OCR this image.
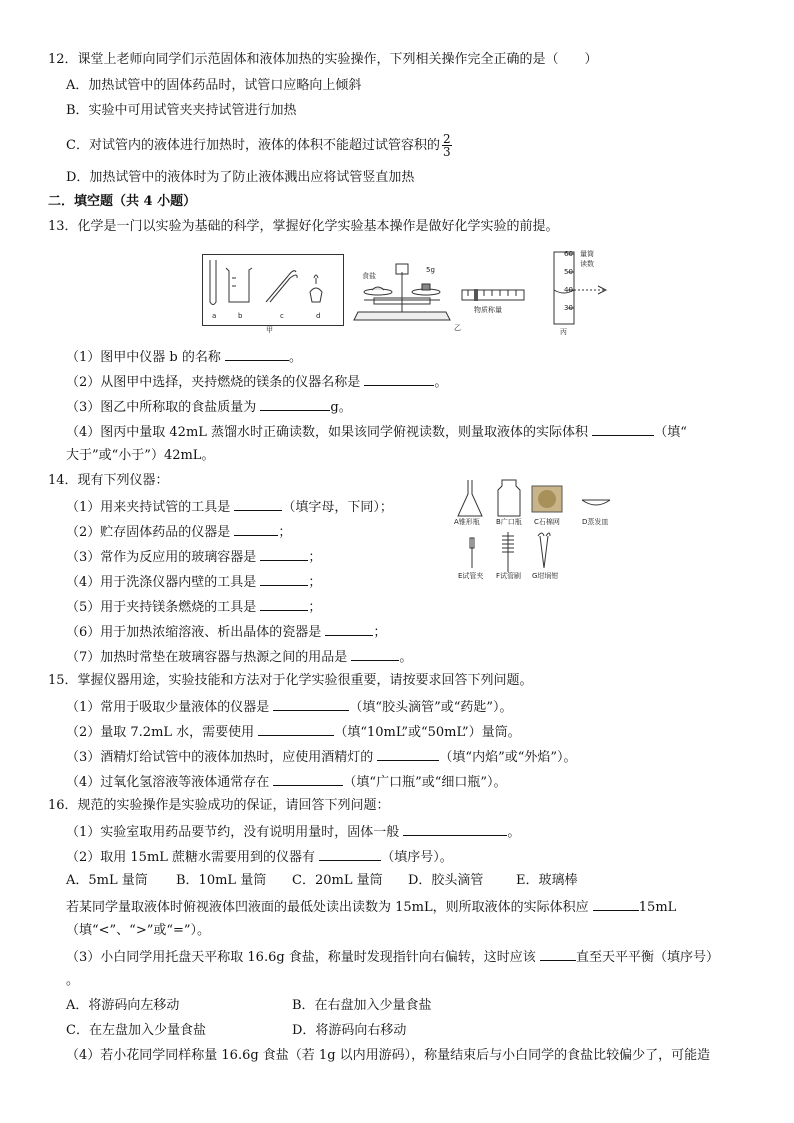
12．课堂上老师向同学们示范固体和液体加热的实验操作，下列相关操作完全正确的是（　　）
A．加热试管中的固体药品时，试管口应略向上倾斜
B．实验中可用试管夹夹持试管进行加热
C．对试管内的液体进行加热时，液体的体积不能超过试管容积的 $\frac{2}{3}$
D．加热试管中的液体时为了防止液体溅出应将试管竖直加热
二．填空题（共 4 小题）
13．化学是一门以实验为基础的科学，掌握好化学实验基本操作是做好化学实验的前提。
a	b	c	d
甲
食盐
5g
物质称量
乙
60
50
40
30
量筒
读数
丙
（1）图甲中仪器 b 的名称	。
（2）从图甲中选择，夹持燃烧的镁条的仪器名称是	。
（3）图乙中所称取的食盐质量为	g。
（4）图丙中量取 42mL 蒸馏水时正确读数，如果该同学俯视读数，则量取液体的实际体积	（填“
大于”或“小于”）42mL。
14．现有下列仪器：
（1）用来夹持试管的工具是	（填字母，下同）；
（2）贮存固体药品的仪器是	；
（3）常作为反应用的玻璃容器是	；
（4）用于洗涤仪器内壁的工具是	；
（5）用于夹持镁条燃烧的工具是	；
（6）用于加热浓缩溶液、析出晶体的瓷器是	；
（7）加热时常垫在玻璃容器与热源之间的用品是	。
A锥形瓶 B广口瓶 C石棉网	D蒸发皿
E试管夹 F试管刷 G坩埚钳
15．掌握仪器用途，实验技能和方法对于化学实验很重要，请按要求回答下列问题。
（1）常用于吸取少量液体的仪器是	（填“胶头滴管”或“药匙”）。
（2）量取 7.2mL 水，需要使用	（填“10mL”或“50mL”）量筒。
（3）酒精灯给试管中的液体加热时，应使用酒精灯的	（填“内焰”或“外焰”）。
（4）过氧化氢溶液等液体通常存在	（填“广口瓶”或“细口瓶”）。
16．规范的实验操作是实验成功的保证，请回答下列问题：
（1）实验室取用药品要节约，没有说明用量时，固体一般	。
（2）取用 15mL 蔗糖水需要用到的仪器有	（填序号）。
A．5mL 量筒 B．10mL 量筒 C．20mL 量筒 D．胶头滴管	E．玻璃棒
若某同学量取液体时俯视液体凹液面的最低处读出读数为 15mL，则所取液体的实际体积应	15mL
（填“<”、“>”或“=”）。
（3）小白同学用托盘天平称取 16.6g 食盐，称量时发现指针向右偏转，这时应该	直至天平平衡（填序号）
。
A．将游码向左移动	B．在右盘加入少量食盐
C．在左盘加入少量食盐	D．将游码向右移动
（4）若小花同学同样称量 16.6g 食盐（若 1g 以内用游码），称量结束后与小白同学的食盐比较偏少了，可能造
